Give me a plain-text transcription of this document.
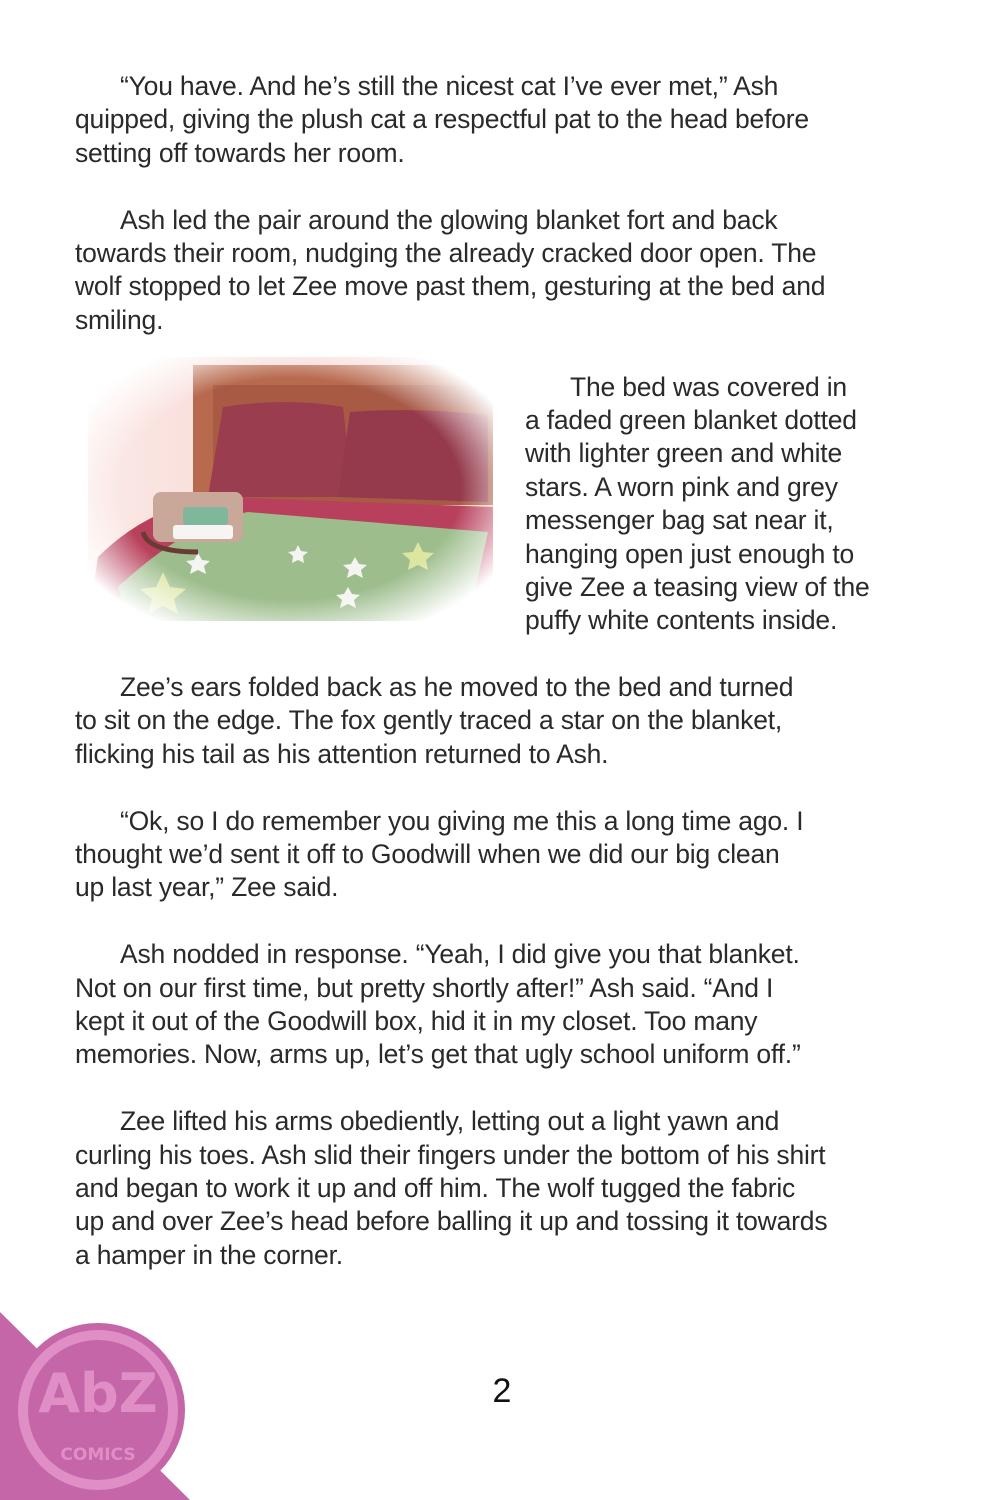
“You have. And he’s still the nicest cat I’ve ever met,” Ash
quipped, giving the plush cat a respectful pat to the head before
setting off towards her room.
Ash led the pair around the glowing blanket fort and back
towards their room, nudging the already cracked door open. The
wolf stopped to let Zee move past them, gesturing at the bed and
smiling.
The bed was covered in
a faded green blanket dotted
with lighter green and white
stars. A worn pink and grey
messenger bag sat near it,
hanging open just enough to
give Zee a teasing view of the
puffy white contents inside.
Zee’s ears folded back as he moved to the bed and turned
to sit on the edge. The fox gently traced a star on the blanket,
flicking his tail as his attention returned to Ash.
“Ok, so I do remember you giving me this a long time ago. I
thought we’d sent it off to Goodwill when we did our big clean
up last year,” Zee said.
Ash nodded in response. “Yeah, I did give you that blanket.
Not on our first time, but pretty shortly after!” Ash said. “And I
kept it out of the Goodwill box, hid it in my closet. Too many
memories. Now, arms up, let’s get that ugly school uniform off.”
Zee lifted his arms obediently, letting out a light yawn and
curling his toes. Ash slid their fingers under the bottom of his shirt
and began to work it up and off him. The wolf tugged the fabric
up and over Zee’s head before balling it up and tossing it towards
a hamper in the corner.
2
AbZ
COMICS
